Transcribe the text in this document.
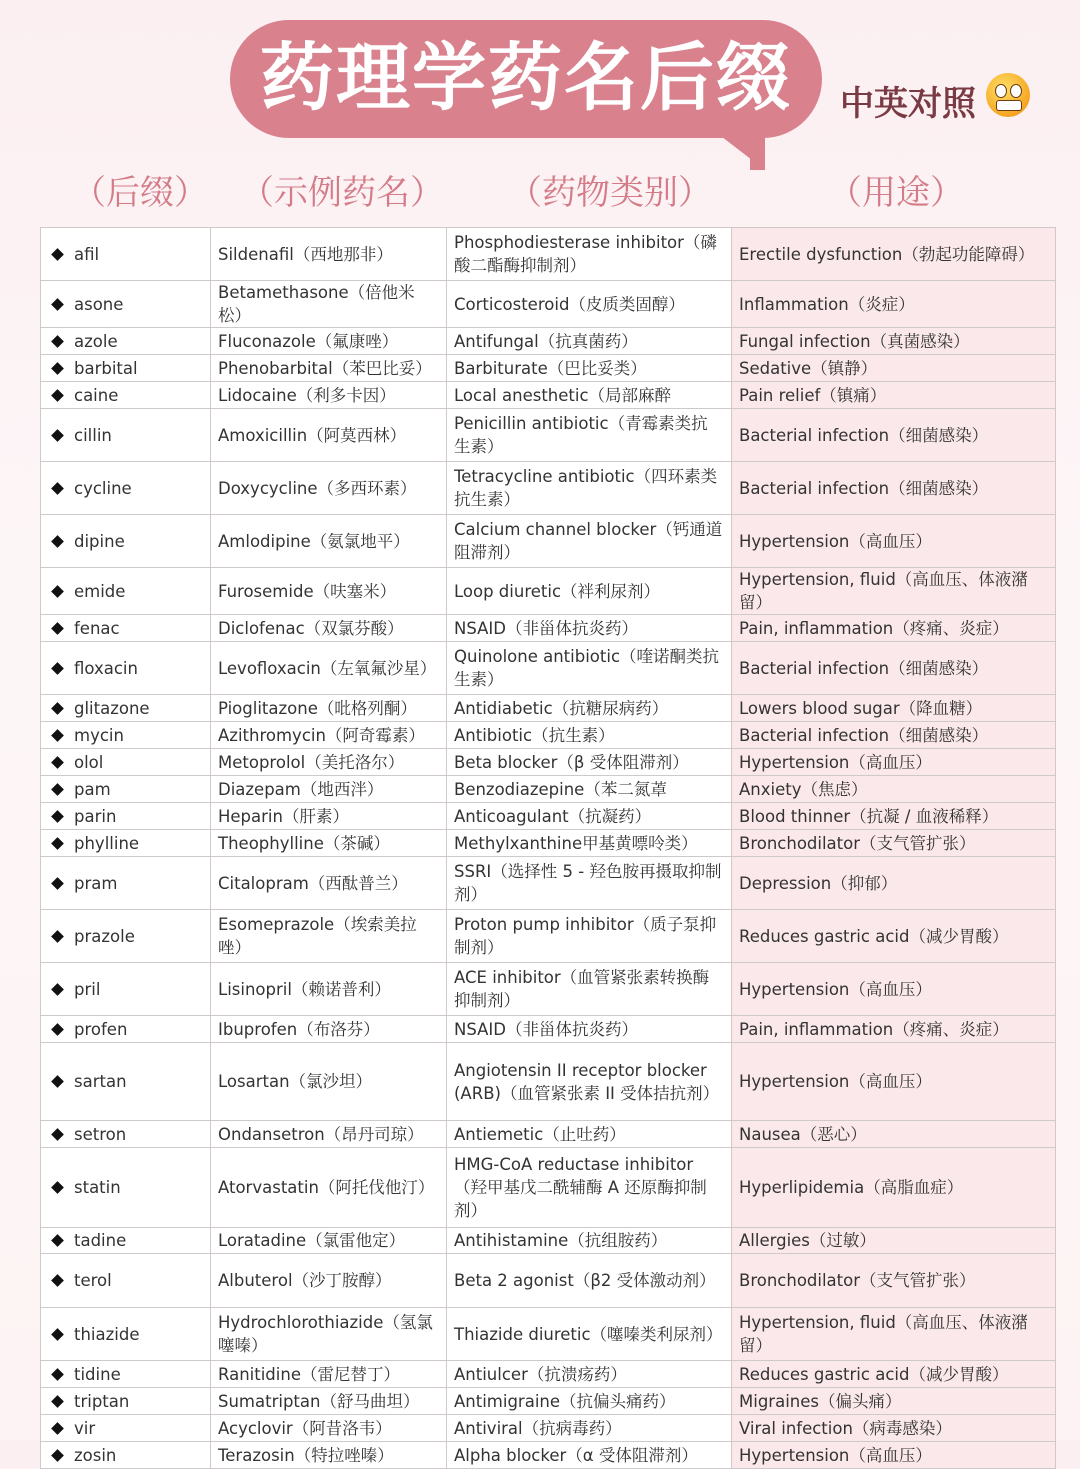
药理学药名后缀	中英对照
（后缀） （示例药名） （药物类别）	（用途）
afil	Sildenafil（西地那非）	Phosphodiesterase inhibitor（磷酸二酯酶抑制剂）	Erectile dysfunction（勃起功能障碍）
asone	Betamethasone（倍他米松）	Corticosteroid（皮质类固醇）	Inflammation（炎症）
azole	Fluconazole（氟康唑）	Antifungal（抗真菌药）	Fungal infection（真菌感染）
barbital	Phenobarbital（苯巴比妥）	Barbiturate（巴比妥类）	Sedative（镇静）
caine	Lidocaine（利多卡因）	Local anesthetic（局部麻醉	Pain relief（镇痛）
cillin	Amoxicillin（阿莫西林）	Penicillin antibiotic（青霉素类抗生素）	Bacterial infection（细菌感染）
cycline	Doxycycline（多西环素）	Tetracycline antibiotic（四环素类抗生素）	Bacterial infection（细菌感染）
dipine	Amlodipine（氨氯地平）	Calcium channel blocker（钙通道阻滞剂）	Hypertension（高血压）
emide	Furosemide（呋塞米）	Loop diuretic（袢利尿剂）	Hypertension, fluid（高血压、体液潴留）
fenac	Diclofenac（双氯芬酸）	NSAID（非甾体抗炎药）	Pain, inflammation（疼痛、炎症）
floxacin	Levofloxacin（左氧氟沙星）	Quinolone antibiotic（喹诺酮类抗生素）	Bacterial infection（细菌感染）
glitazone	Pioglitazone（吡格列酮）	Antidiabetic（抗糖尿病药）	Lowers blood sugar（降血糖）
mycin	Azithromycin（阿奇霉素）	Antibiotic（抗生素）	Bacterial infection（细菌感染）
olol	Metoprolol（美托洛尔）	Beta blocker（β 受体阻滞剂）	Hypertension（高血压）
pam	Diazepam（地西泮）	Benzodiazepine（苯二氮䓬	Anxiety（焦虑）
parin	Heparin（肝素）	Anticoagulant（抗凝药）	Blood thinner（抗凝 / 血液稀释）
phylline	Theophylline（茶碱）	Methylxanthine甲基黄嘌呤类）	Bronchodilator（支气管扩张）
pram	Citalopram（西酞普兰）	SSRI（选择性 5 - 羟色胺再摄取抑制剂）	Depression（抑郁）
prazole	Esomeprazole（埃索美拉唑）	Proton pump inhibitor（质子泵抑制剂）	Reduces gastric acid（减少胃酸）
pril	Lisinopril（赖诺普利）	ACE inhibitor（血管紧张素转换酶抑制剂）	Hypertension（高血压）
profen	Ibuprofen（布洛芬）	NSAID（非甾体抗炎药）	Pain, inflammation（疼痛、炎症）
sartan	Losartan（氯沙坦）	Angiotensin II receptor blocker (ARB)（血管紧张素 II 受体拮抗剂）	Hypertension（高血压）
setron	Ondansetron（昂丹司琼）	Antiemetic（止吐药）	Nausea（恶心）
statin	Atorvastatin（阿托伐他汀）	HMG-CoA reductase inhibitor（羟甲基戊二酰辅酶 A 还原酶抑制剂）	Hyperlipidemia（高脂血症）
tadine	Loratadine（氯雷他定）	Antihistamine（抗组胺药）	Allergies（过敏）
terol	Albuterol（沙丁胺醇）	Beta 2 agonist（β2 受体激动剂）	Bronchodilator（支气管扩张）
thiazide	Hydrochlorothiazide（氢氯噻嗪）	Thiazide diuretic（噻嗪类利尿剂）	Hypertension, fluid（高血压、体液潴留）
tidine	Ranitidine（雷尼替丁）	Antiulcer（抗溃疡药）	Reduces gastric acid（减少胃酸）
triptan	Sumatriptan（舒马曲坦）	Antimigraine（抗偏头痛药）	Migraines（偏头痛）
vir	Acyclovir（阿昔洛韦）	Antiviral（抗病毒药）	Viral infection（病毒感染）
zosin	Terazosin（特拉唑嗪）	Alpha blocker（α 受体阻滞剂）	Hypertension（高血压）
